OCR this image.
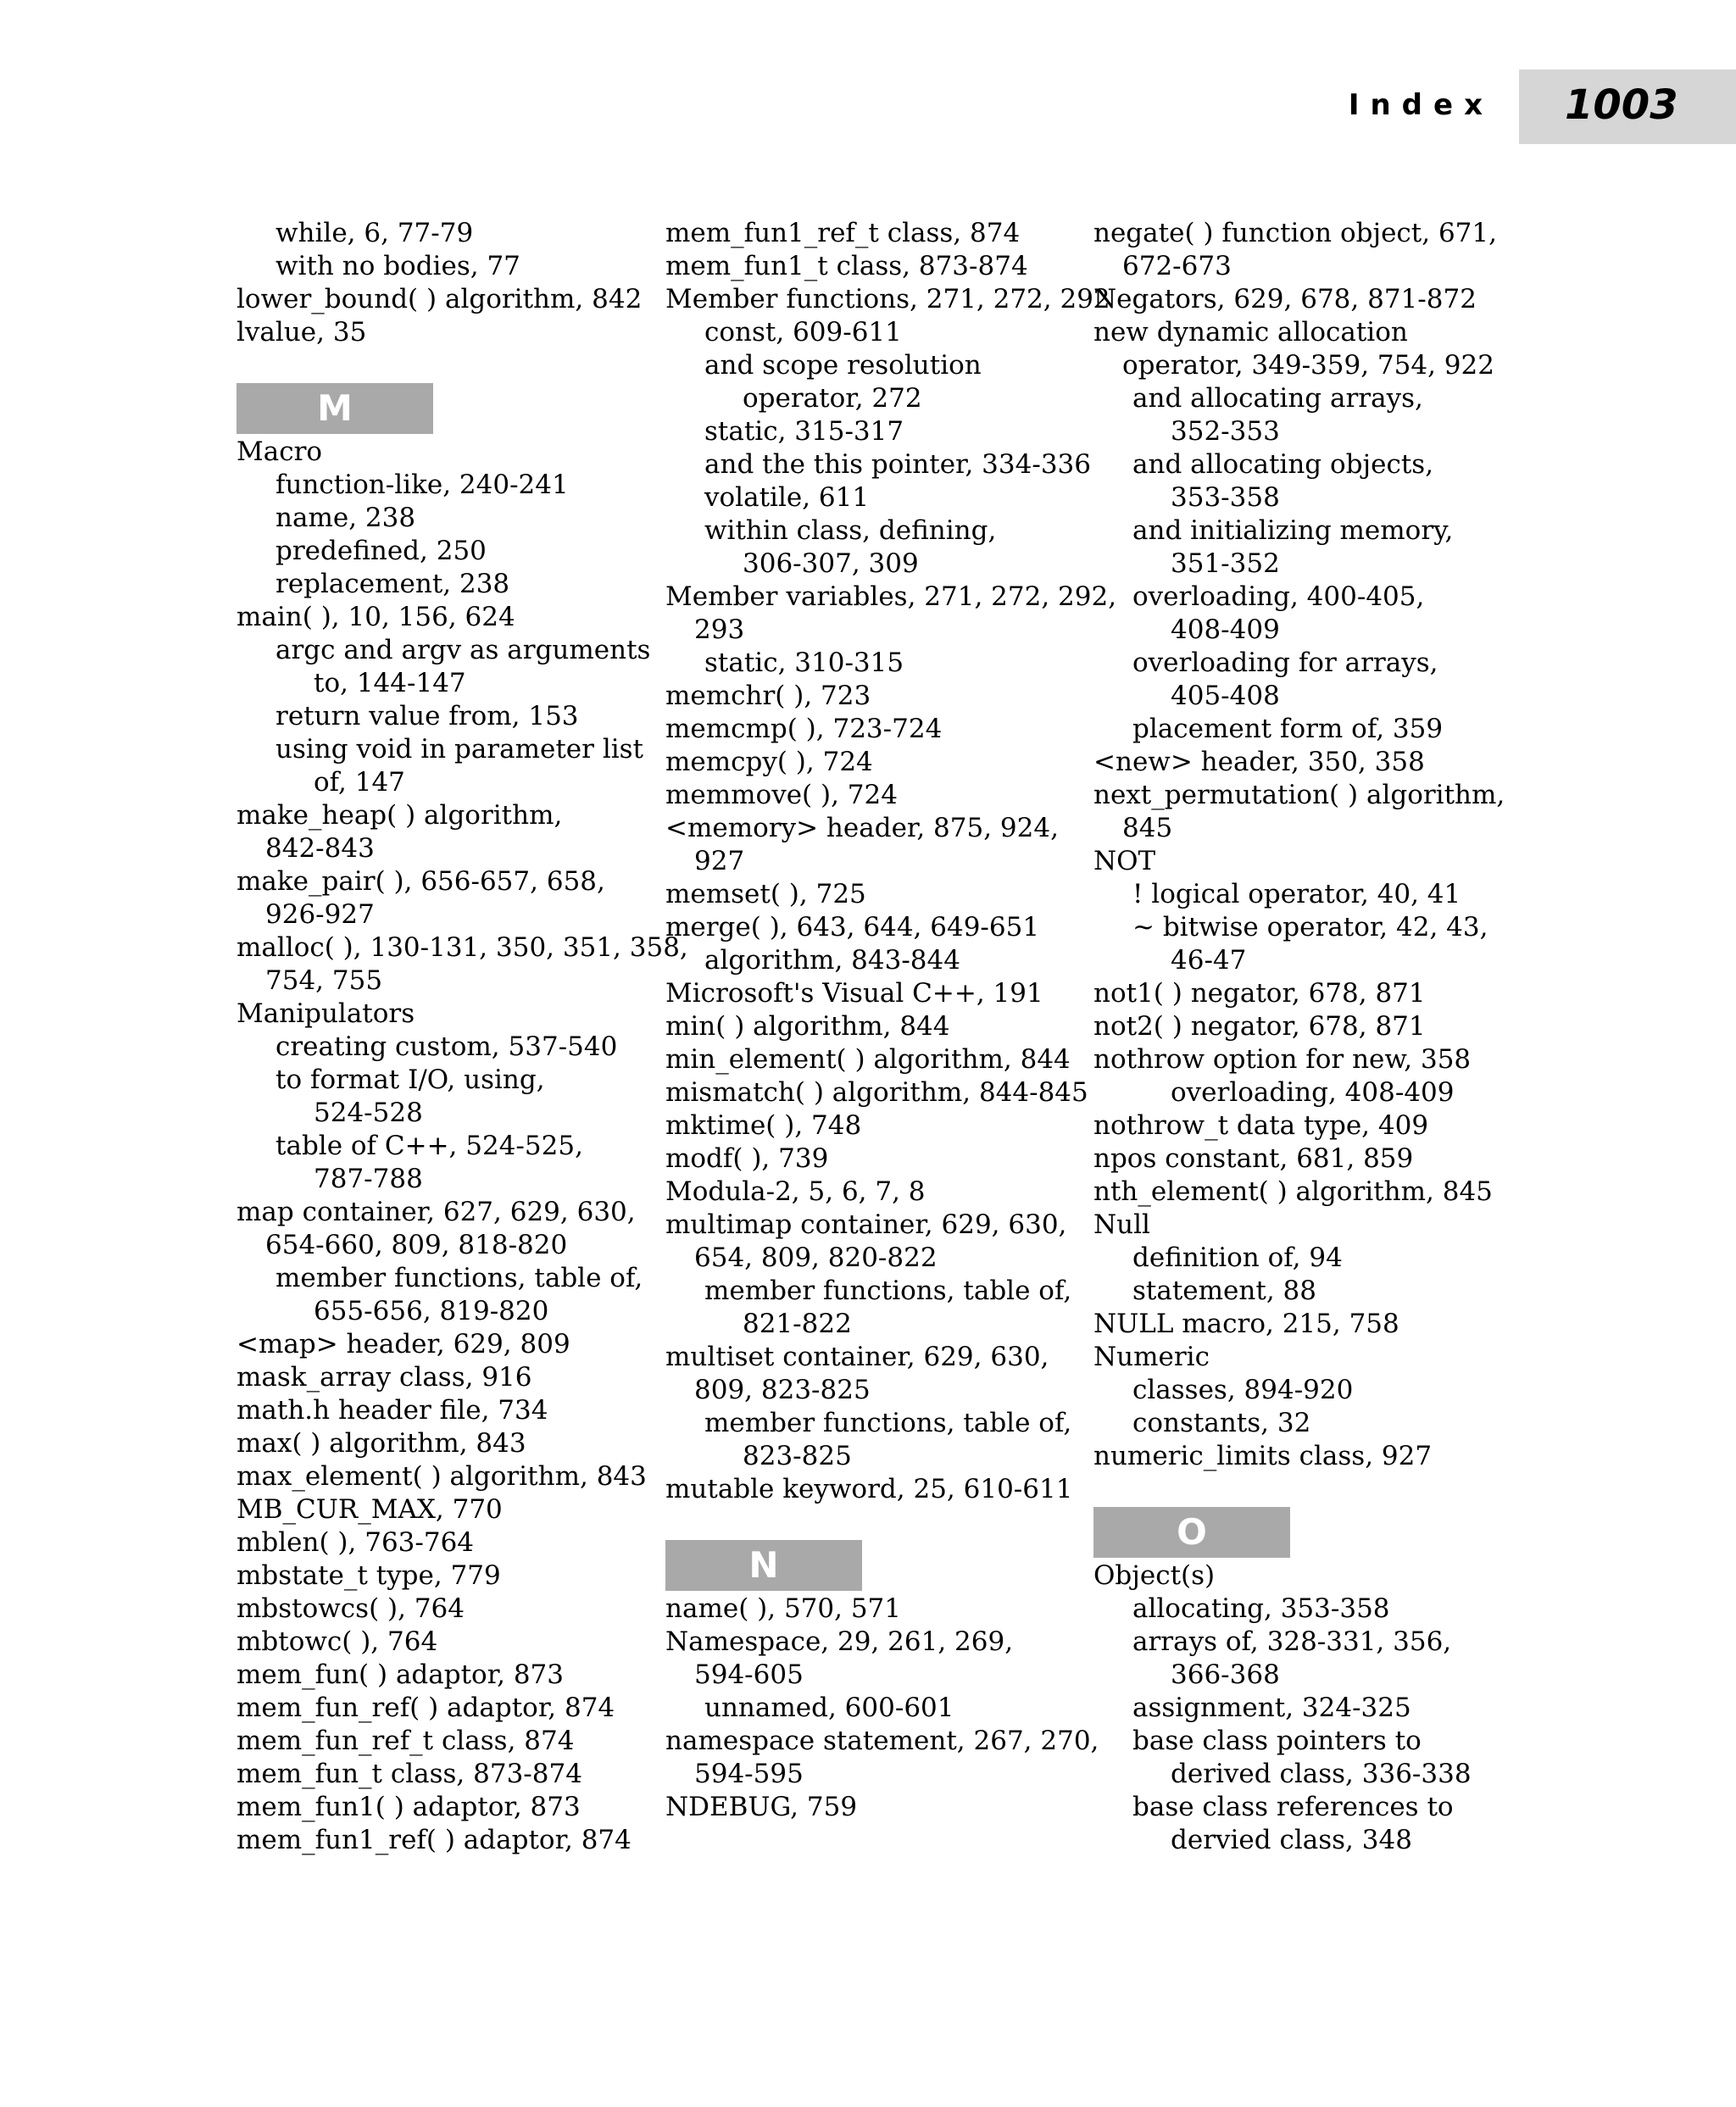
Index 1003
while, 6, 77-79
with no bodies, 77
lower_bound( ) algorithm, 842
lvalue, 35
M
Macro
function-like, 240-241
name, 238
predefined, 250
replacement, 238
main( ), 10, 156, 624
argc and argv as arguments
to, 144-147
return value from, 153
using void in parameter list
of, 147
make_heap( ) algorithm,
842-843
make_pair( ), 656-657, 658,
926-927
malloc( ), 130-131, 350, 351, 358,
754, 755
Manipulators
creating custom, 537-540
to format I/O, using,
524-528
table of C++, 524-525,
787-788
map container, 627, 629, 630,
654-660, 809, 818-820
member functions, table of,
655-656, 819-820
<map> header, 629, 809
mask_array class, 916
math.h header file, 734
max( ) algorithm, 843
max_element( ) algorithm, 843
MB_CUR_MAX, 770
mblen( ), 763-764
mbstate_t type, 779
mbstowcs( ), 764
mbtowc( ), 764
mem_fun( ) adaptor, 873
mem_fun_ref( ) adaptor, 874
mem_fun_ref_t class, 874
mem_fun_t class, 873-874
mem_fun1( ) adaptor, 873
mem_fun1_ref( ) adaptor, 874
mem_fun1_ref_t class, 874
mem_fun1_t class, 873-874
Member functions, 271, 272, 292
const, 609-611
and scope resolution
operator, 272
static, 315-317
and the this pointer, 334-336
volatile, 611
within class, defining,
306-307, 309
Member variables, 271, 272, 292,
293
static, 310-315
memchr( ), 723
memcmp( ), 723-724
memcpy( ), 724
memmove( ), 724
<memory> header, 875, 924,
927
memset( ), 725
merge( ), 643, 644, 649-651
algorithm, 843-844
Microsoft's Visual C++, 191
min( ) algorithm, 844
min_element( ) algorithm, 844
mismatch( ) algorithm, 844-845
mktime( ), 748
modf( ), 739
Modula-2, 5, 6, 7, 8
multimap container, 629, 630,
654, 809, 820-822
member functions, table of,
821-822
multiset container, 629, 630,
809, 823-825
member functions, table of,
823-825
mutable keyword, 25, 610-611
N
name( ), 570, 571
Namespace, 29, 261, 269,
594-605
unnamed, 600-601
namespace statement, 267, 270,
594-595
NDEBUG, 759
negate( ) function object, 671,
672-673
Negators, 629, 678, 871-872
new dynamic allocation
operator, 349-359, 754, 922
and allocating arrays,
352-353
and allocating objects,
353-358
and initializing memory,
351-352
overloading, 400-405,
408-409
overloading for arrays,
405-408
placement form of, 359
<new> header, 350, 358
next_permutation( ) algorithm,
845
NOT
! logical operator, 40, 41
~ bitwise operator, 42, 43,
46-47
not1( ) negator, 678, 871
not2( ) negator, 678, 871
nothrow option for new, 358
overloading, 408-409
nothrow_t data type, 409
npos constant, 681, 859
nth_element( ) algorithm, 845
Null
definition of, 94
statement, 88
NULL macro, 215, 758
Numeric
classes, 894-920
constants, 32
numeric_limits class, 927
O
Object(s)
allocating, 353-358
arrays of, 328-331, 356,
366-368
assignment, 324-325
base class pointers to
derived class, 336-338
base class references to
dervied class, 348
